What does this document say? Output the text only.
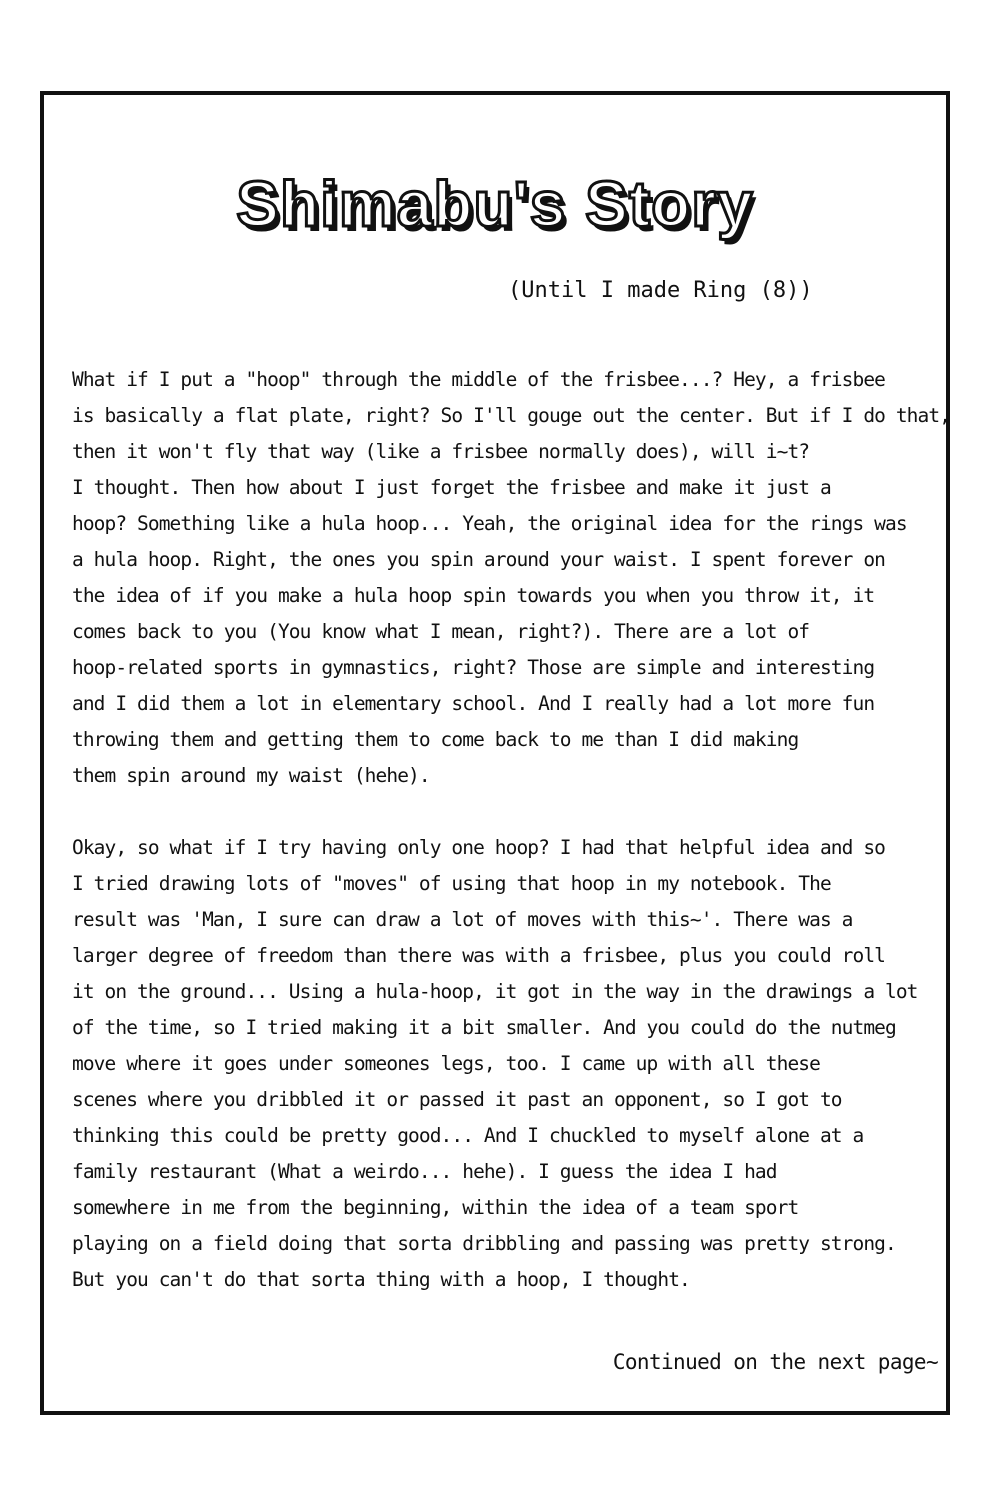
Shimabu's Story

(Until I made Ring (8))

What if I put a "hoop" through the middle of the frisbee...? Hey, a frisbee
is basically a flat plate, right? So I'll gouge out the center. But if I do that,
then it won't fly that way (like a frisbee normally does), will i~t?
I thought. Then how about I just forget the frisbee and make it just a
hoop? Something like a hula hoop... Yeah, the original idea for the rings was
a hula hoop. Right, the ones you spin around your waist. I spent forever on
the idea of if you make a hula hoop spin towards you when you throw it, it
comes back to you (You know what I mean, right?). There are a lot of
hoop-related sports in gymnastics, right? Those are simple and interesting
and I did them a lot in elementary school. And I really had a lot more fun
throwing them and getting them to come back to me than I did making
them spin around my waist (hehe).
Okay, so what if I try having only one hoop? I had that helpful idea and so
I tried drawing lots of "moves" of using that hoop in my notebook. The
result was 'Man, I sure can draw a lot of moves with this~'. There was a
larger degree of freedom than there was with a frisbee, plus you could roll
it on the ground... Using a hula-hoop, it got in the way in the drawings a lot
of the time, so I tried making it a bit smaller. And you could do the nutmeg
move where it goes under someones legs, too. I came up with all these
scenes where you dribbled it or passed it past an opponent, so I got to
thinking this could be pretty good... And I chuckled to myself alone at a
family restaurant (What a weirdo... hehe). I guess the idea I had
somewhere in me from the beginning, within the idea of a team sport
playing on a field doing that sorta dribbling and passing was pretty strong.
But you can't do that sorta thing with a hoop, I thought.

Continued on the next page~
